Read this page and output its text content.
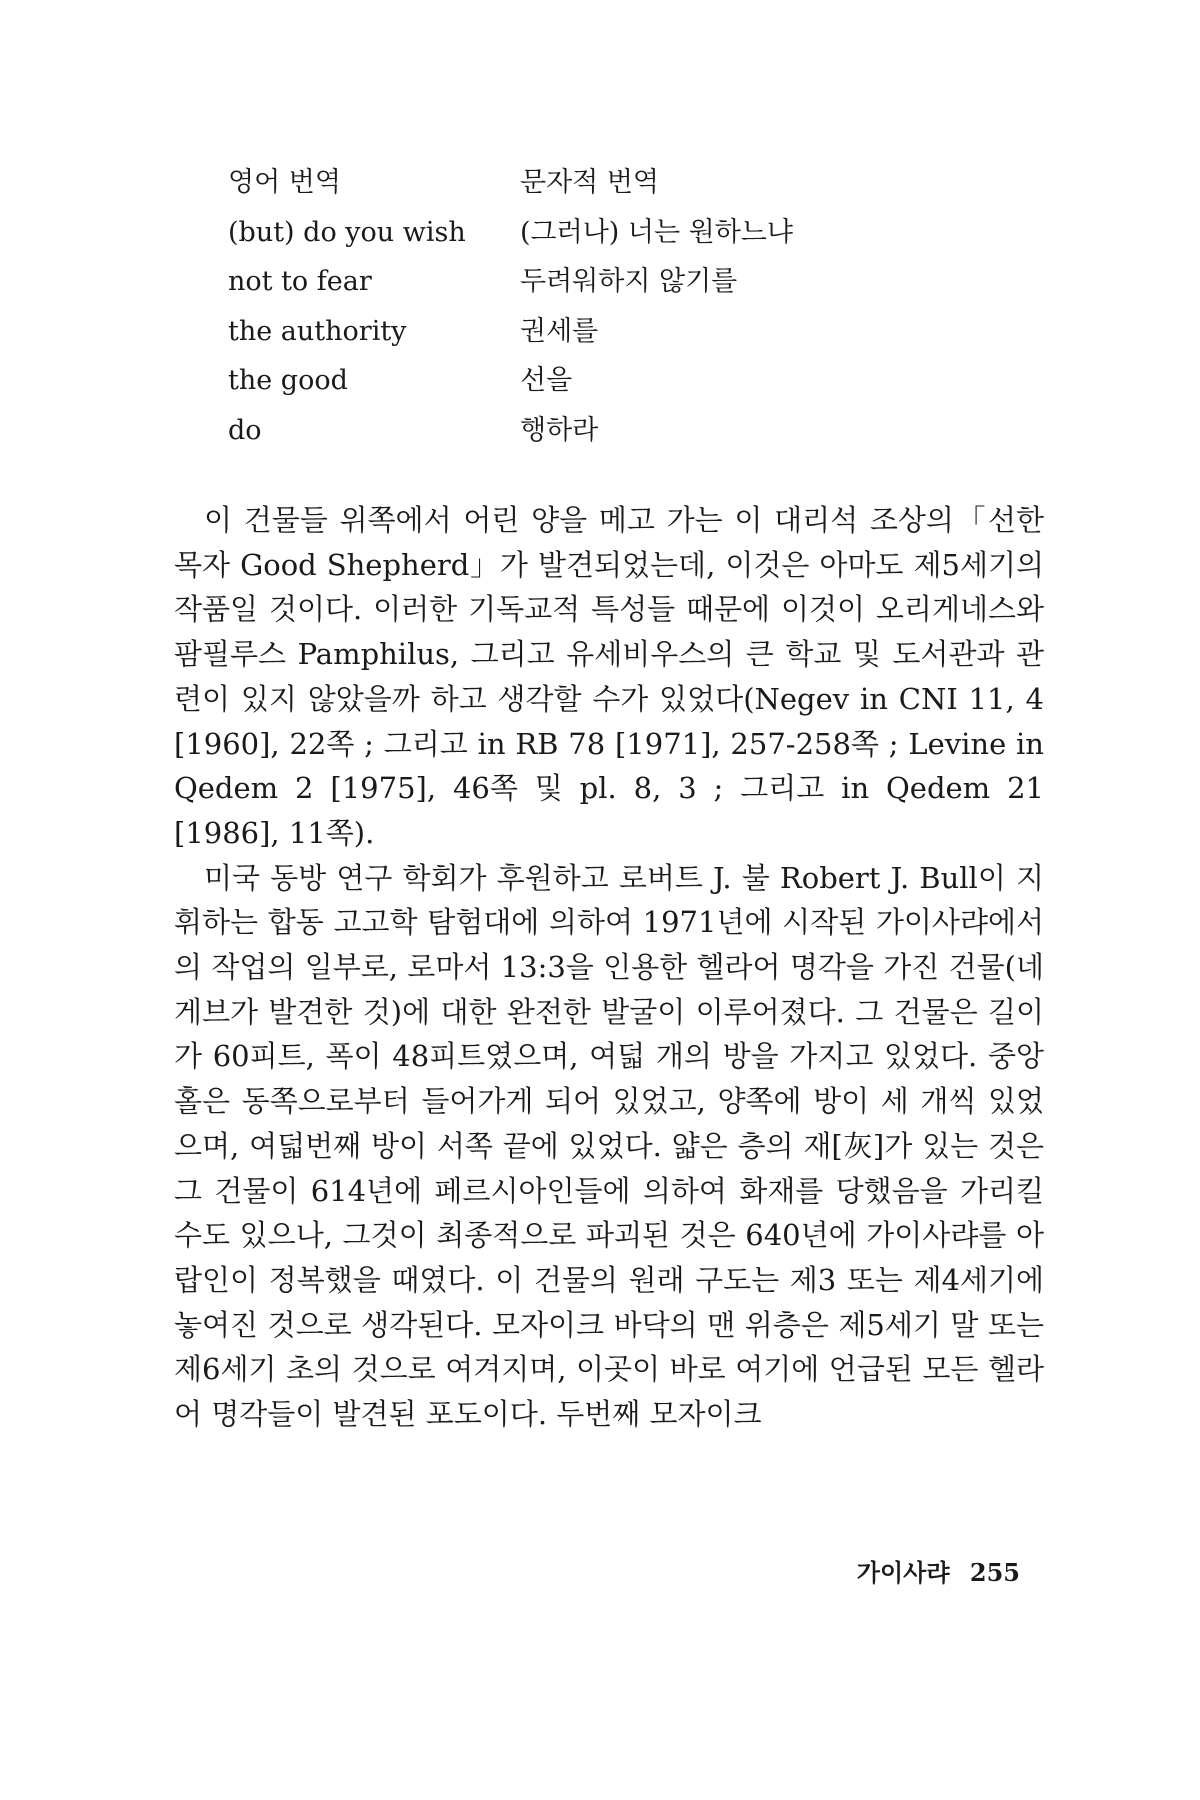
영어 번역	문자적 번역
(but) do you wish	(그러나) 너는 원하느냐
not to fear	두려워하지 않기를
the authority	권세를
the good	선을
do	행하라

이 건물들 위쪽에서 어린 양을 메고 가는 이 대리석 조상의「선한 목자 Good Shepherd」가 발견되었는데, 이것은 아마도 제5세기의 작품일 것이다. 이러한 기독교적 특성들 때문에 이것이 오리게네스와 팜필루스 Pamphilus, 그리고 유세비우스의 큰 학교 및 도서관과 관련이 있지 않았을까 하고 생각할 수가 있었다(Negev in CNI 11, 4 [1960], 22쪽 ; 그리고 in RB 78 [1971], 257-258쪽 ; Levine in Qedem 2 [1975], 46쪽 및 pl. 8, 3 ; 그리고 in Qedem 21 [1986], 11쪽).

미국 동방 연구 학회가 후원하고 로버트 J. 불 Robert J. Bull이 지휘하는 합동 고고학 탐험대에 의하여 1971년에 시작된 가이사랴에서의 작업의 일부로, 로마서 13:3을 인용한 헬라어 명각을 가진 건물(네게브가 발견한 것)에 대한 완전한 발굴이 이루어졌다. 그 건물은 길이가 60피트, 폭이 48피트였으며, 여덟 개의 방을 가지고 있었다. 중앙 홀은 동쪽으로부터 들어가게 되어 있었고, 양쪽에 방이 세 개씩 있었으며, 여덟번째 방이 서쪽 끝에 있었다. 얇은 층의 재[灰]가 있는 것은 그 건물이 614년에 페르시아인들에 의하여 화재를 당했음을 가리킬 수도 있으나, 그것이 최종적으로 파괴된 것은 640년에 가이사랴를 아랍인이 정복했을 때였다. 이 건물의 원래 구도는 제3 또는 제4세기에 놓여진 것으로 생각된다. 모자이크 바닥의 맨 위층은 제5세기 말 또는 제6세기 초의 것으로 여겨지며, 이곳이 바로 여기에 언급된 모든 헬라어 명각들이 발견된 포도이다. 두번째 모자이크

가이사랴 255
